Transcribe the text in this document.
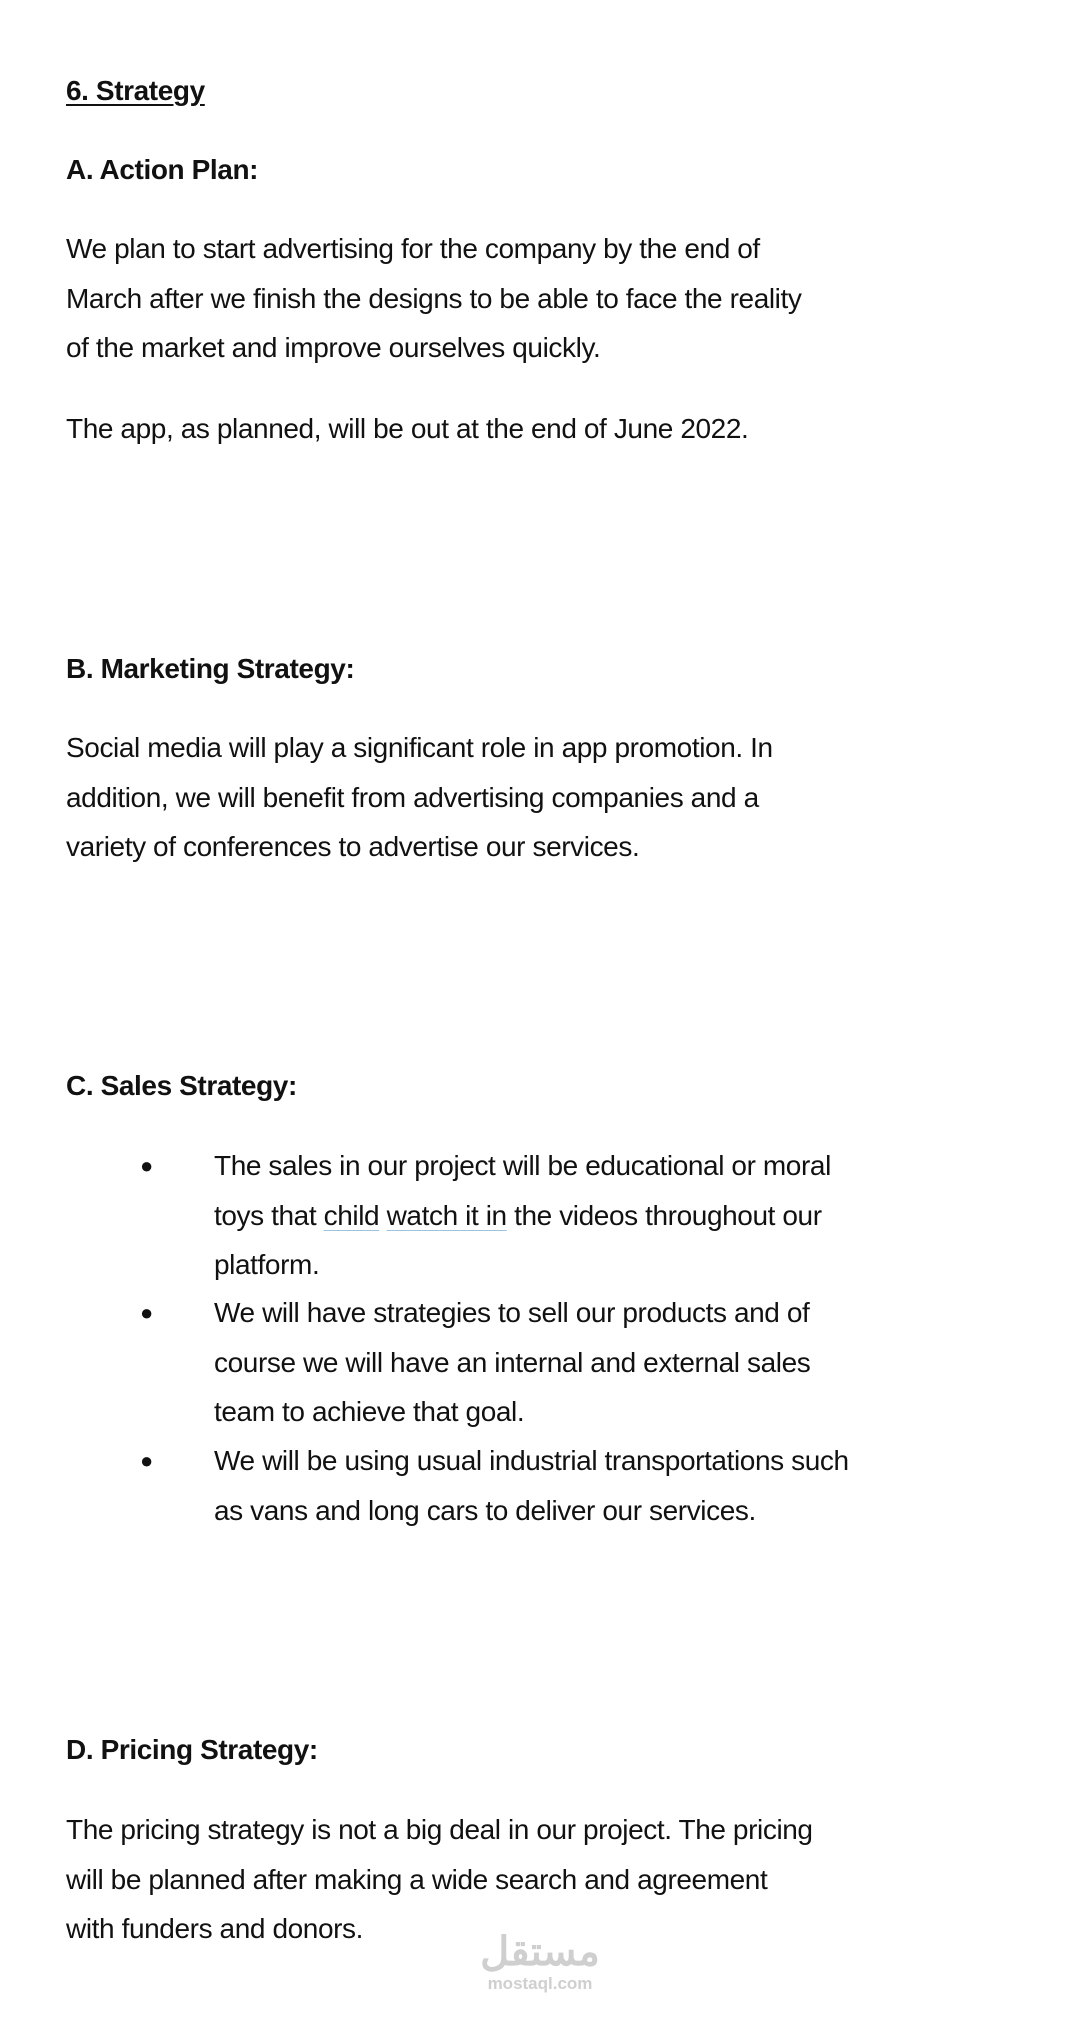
6. Strategy
A. Action Plan:
We plan to start advertising for the company by the end of
March after we finish the designs to be able to face the reality
of the market and improve ourselves quickly.
The app, as planned, will be out at the end of June 2022.
B. Marketing Strategy:
Social media will play a significant role in app promotion. In
addition, we will benefit from advertising companies and a
variety of conferences to advertise our services.
C. Sales Strategy:
● The sales in our project will be educational or moral
toys that child watch it in the videos throughout our
platform.
● We will have strategies to sell our products and of
course we will have an internal and external sales
team to achieve that goal.
● We will be using usual industrial transportations such
as vans and long cars to deliver our services.
D. Pricing Strategy:
The pricing strategy is not a big deal in our project. The pricing
will be planned after making a wide search and agreement
with funders and donors.
مستقل
mostaql.com
